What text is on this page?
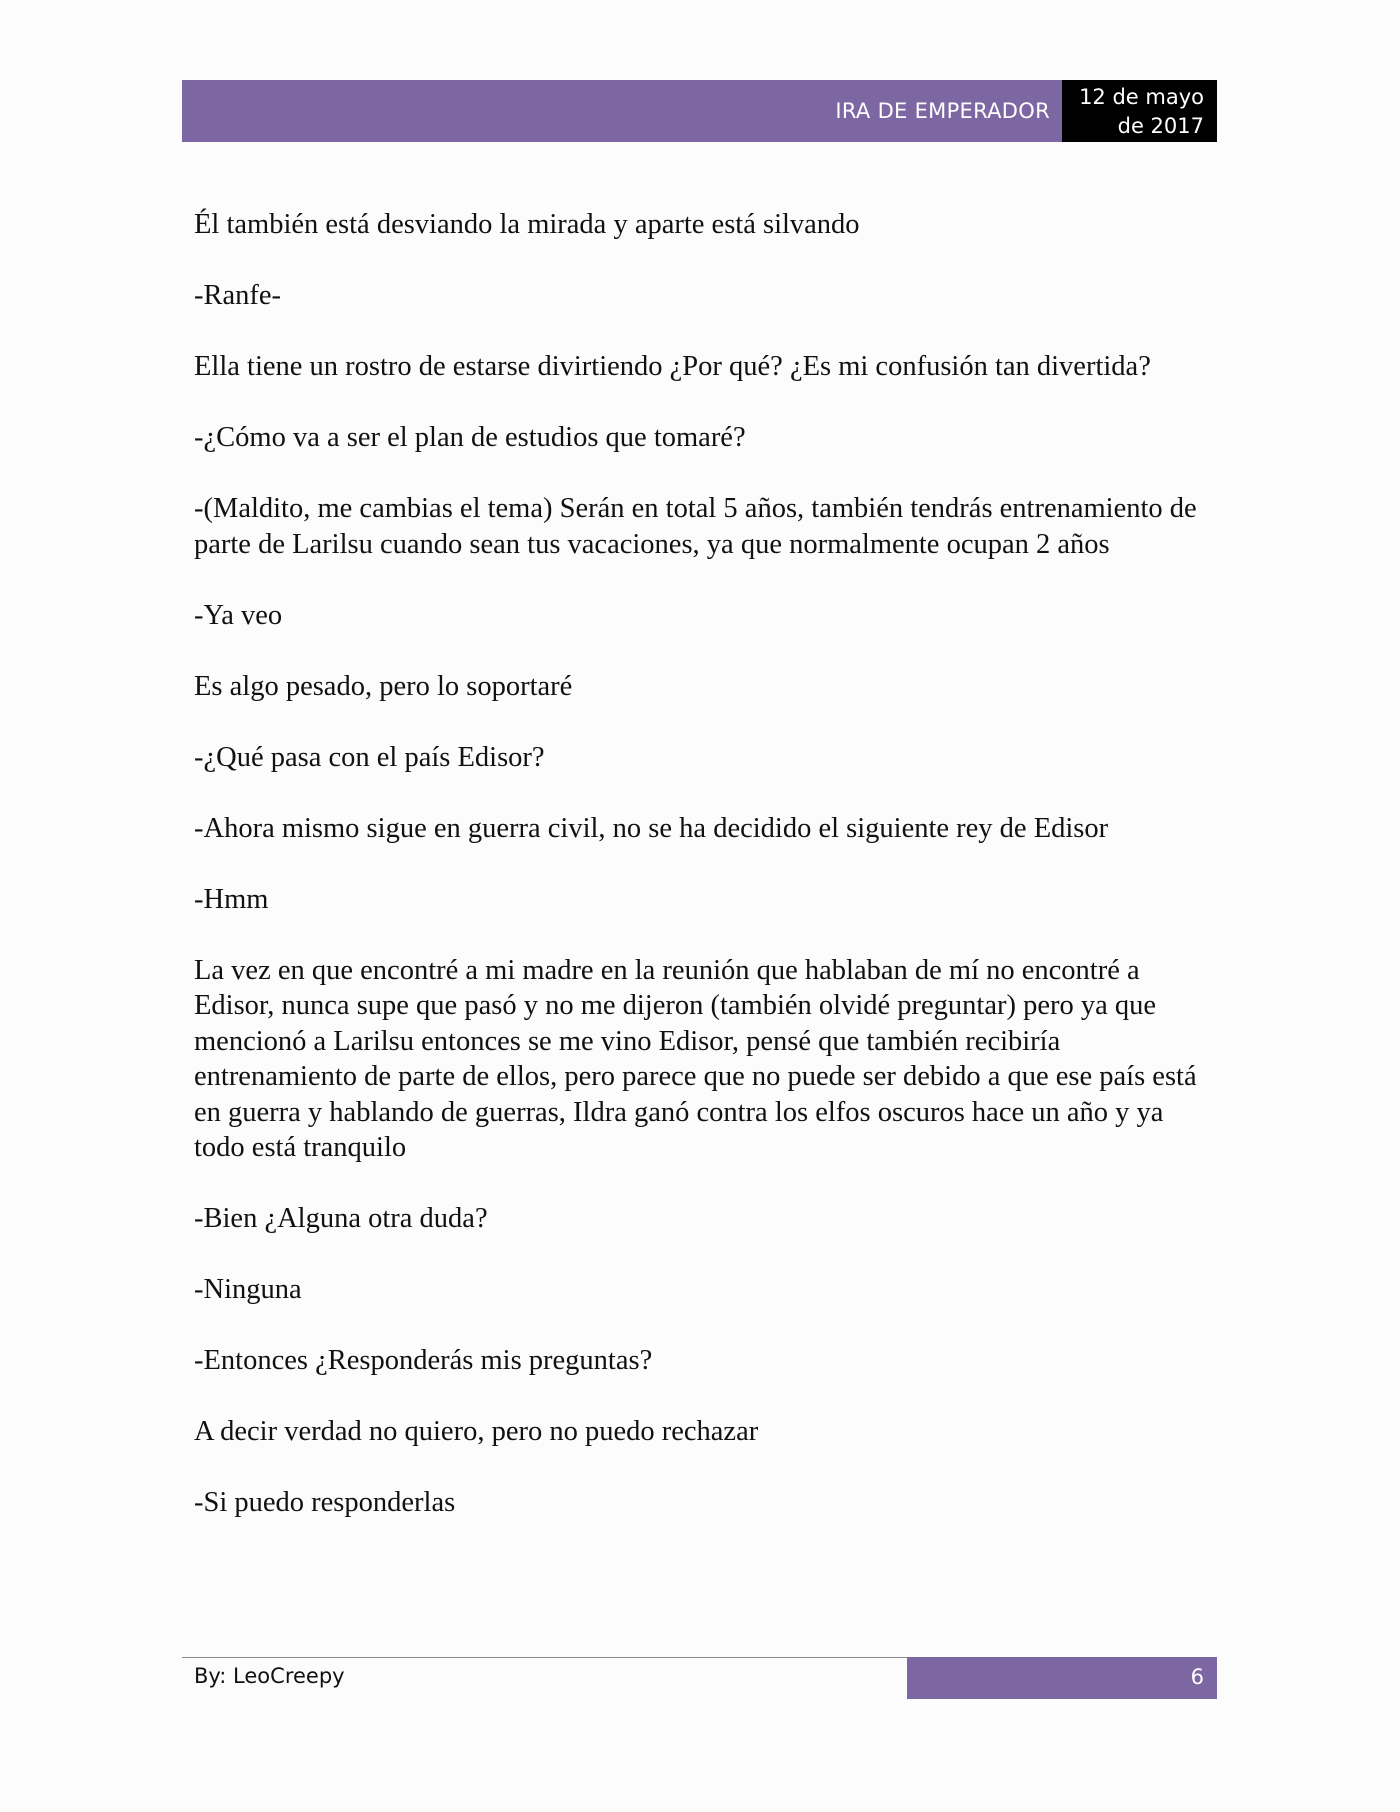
IRA DE EMPERADOR
12 de mayo
de 2017

Él también está desviando la mirada y aparte está silvando

-Ranfe-

Ella tiene un rostro de estarse divirtiendo ¿Por qué? ¿Es mi confusión tan divertida?

-¿Cómo va a ser el plan de estudios que tomaré?

-(Maldito, me cambias el tema) Serán en total 5 años, también tendrás entrenamiento de parte de Larilsu cuando sean tus vacaciones, ya que normalmente ocupan 2 años

-Ya veo

Es algo pesado, pero lo soportaré

-¿Qué pasa con el país Edisor?

-Ahora mismo sigue en guerra civil, no se ha decidido el siguiente rey de Edisor

-Hmm

La vez en que encontré a mi madre en la reunión que hablaban de mí no encontré a Edisor, nunca supe que pasó y no me dijeron (también olvidé preguntar) pero ya que mencionó a Larilsu entonces se me vino Edisor, pensé que también recibiría entrenamiento de parte de ellos, pero parece que no puede ser debido a que ese país está en guerra y hablando de guerras, Ildra ganó contra los elfos oscuros hace un año y ya todo está tranquilo

-Bien ¿Alguna otra duda?

-Ninguna

-Entonces ¿Responderás mis preguntas?

A decir verdad no quiero, pero no puedo rechazar

-Si puedo responderlas

By: LeoCreepy	6
